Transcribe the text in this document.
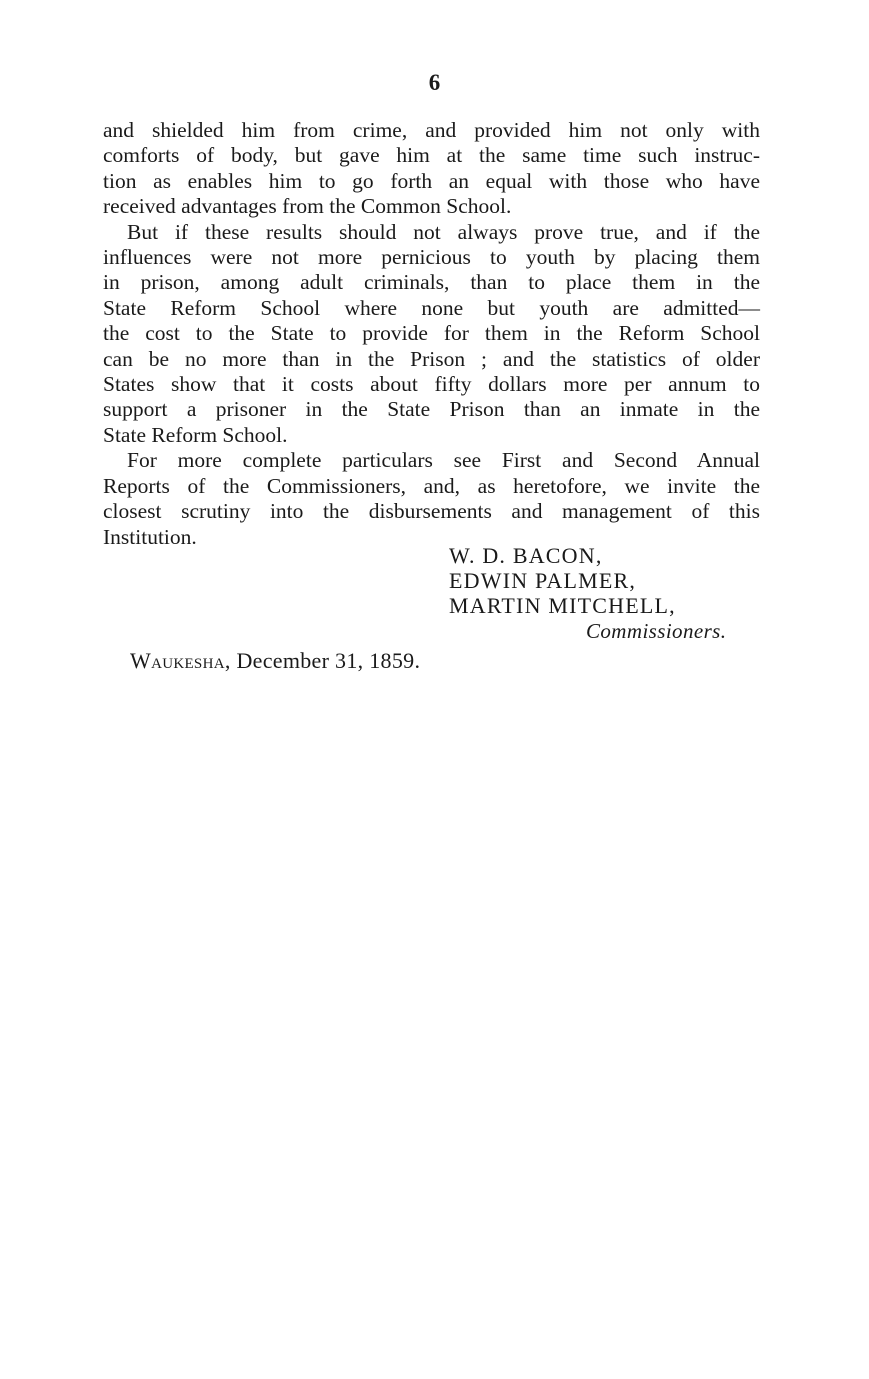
6
and shielded him from crime, and provided him not only with
comforts of body, but gave him at the same time such instruc-
tion as enables him to go forth an equal with those who have
received advantages from the Common School.
But if these results should not always prove true, and if the
influences were not more pernicious to youth by placing them
in prison, among adult criminals, than to place them in the
State Reform School where none but youth are admitted—
the cost to the State to provide for them in the Reform School
can be no more than in the Prison ; and the statistics of older
States show that it costs about fifty dollars more per annum to
support a prisoner in the State Prison than an inmate in the
State Reform School.
For more complete particulars see First and Second Annual
Reports of the Commissioners, and, as heretofore, we invite the
closest scrutiny into the disbursements and management of this
Institution.
W. D. BACON,
EDWIN PALMER,
MARTIN MITCHELL,
Commissioners.
Waukesha, December 31, 1859.
